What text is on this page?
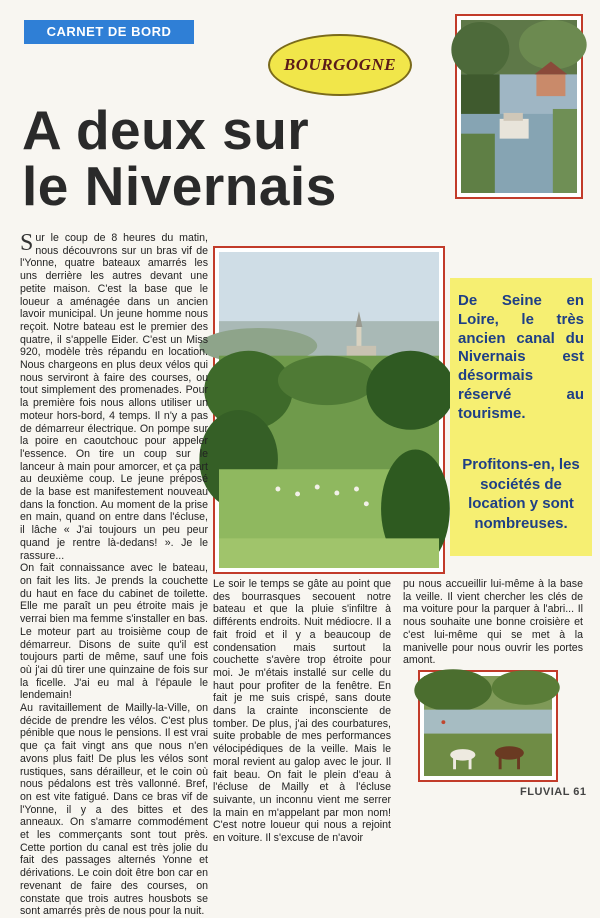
CARNET DE BORD
BOURGOGNE
A deux sur
le Nivernais
De Seine en Loire, le très ancien canal du Nivernais est désormais réservé au tourisme.
Profitons-en, les sociétés de location y sont nombreuses.

Sur le coup de 8 heures du matin, nous découvrons sur un bras vif de l'Yonne, quatre bateaux amarrés les uns derrière les autres devant une petite maison. C'est la base que le loueur a aménagée dans un ancien lavoir municipal. Un jeune homme nous reçoit. Notre bateau est le premier des quatre, il s'appelle Eider. C'est un Miss 920, modèle très répandu en location. Nous chargeons en plus deux vélos qui nous serviront à faire des courses, ou tout simplement des promenades. Pour la première fois nous allons utiliser un moteur hors-bord, 4 temps. Il n'y a pas de démarreur électrique. On pompe sur la poire en caoutchouc pour appeler l'essence. On tire un coup sur le lanceur à main pour amorcer, et ça part au deuxième coup. Le jeune préposé de la base est manifestement nouveau dans la fonction. Au moment de la prise en main, quand on entre dans l'écluse, il lâche « J'ai toujours un peu peur quand je rentre là-dedans! ». Je le rassure...

On fait connaissance avec le bateau, on fait les lits. Je prends la couchette du haut en face du cabinet de toilette. Elle me paraît un peu étroite mais je verrai bien ma femme s'installer en bas. Le moteur part au troisième coup de démarreur. Disons de suite qu'il est toujours parti de même, sauf une fois où j'ai dû tirer une quinzaine de fois sur la ficelle. J'ai eu mal à l'épaule le lendemain!

Au ravitaillement de Mailly-la-Ville, on décide de prendre les vélos. C'est plus pénible que nous le pensions. Il est vrai que ça fait vingt ans que nous n'en avons plus fait! De plus les vélos sont rustiques, sans dérailleur, et le coin où nous pédalons est très vallonné. Bref, on est vite fatigué. Dans ce bras vif de l'Yonne, il y a des bittes et des anneaux. On s'amarre commodément et les commerçants sont tout près. Cette portion du canal est très jolie du fait des passages alternés Yonne et dérivations. Le coin doit être bon car en revenant de faire des courses, on constate que trois autres housbots se sont amarrés près de nous pour la nuit.

Le soir le temps se gâte au point que des bourrasques secouent notre bateau et que la pluie s'infiltre à différents endroits. Nuit médiocre. Il a fait froid et il y a beaucoup de condensation mais surtout la couchette s'avère trop étroite pour moi. Je m'étais installé sur celle du haut pour profiter de la fenêtre. En fait je me suis crispé, sans doute dans la crainte inconsciente de tomber. De plus, j'ai des courbatures, suite probable de mes performances vélocipédiques de la veille. Mais le moral revient au galop avec le jour. Il fait beau. On fait le plein d'eau à l'écluse de Mailly et à l'écluse suivante, un inconnu vient me serrer la main en m'appelant par mon nom! C'est notre loueur qui nous a rejoint en voiture. Il s'excuse de n'avoir

pu nous accueillir lui-même à la base la veille. Il vient chercher les clés de ma voiture pour la parquer à l'abri... Il nous souhaite une bonne croisière et c'est lui-même qui se met à la manivelle pour nous ouvrir les portes amont.

FLUVIAL 61
